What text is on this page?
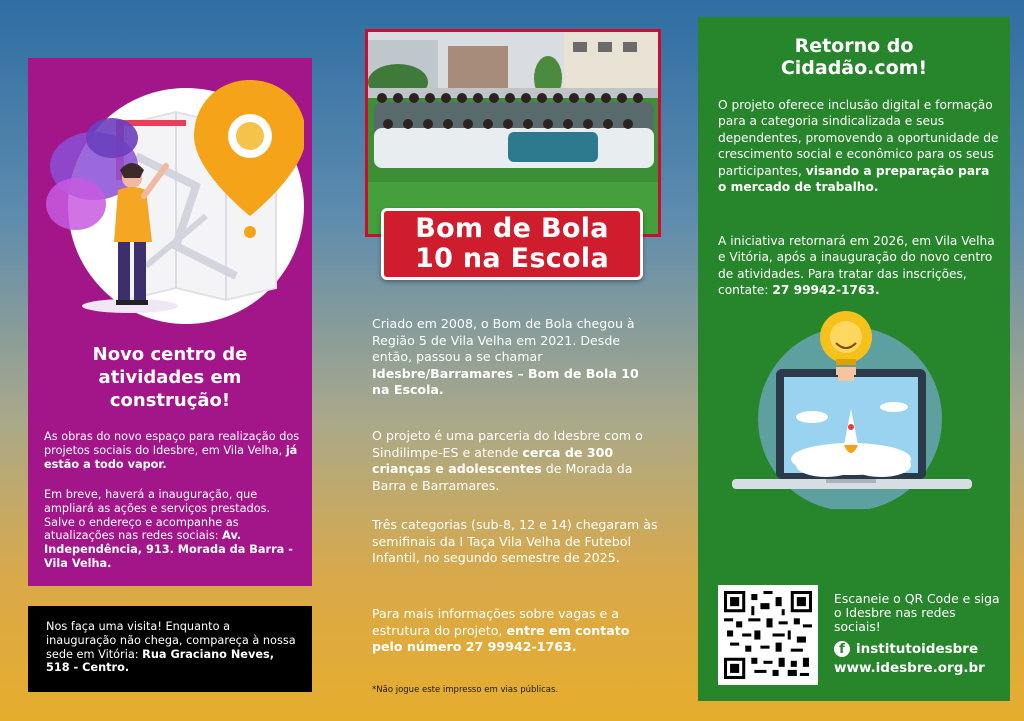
Novo centro de atividades em construção!
As obras do novo espaço para realização dos projetos sociais do Idesbre, em Vila Velha, já estão a todo vapor.
Em breve, haverá a inauguração, que ampliará as ações e serviços prestados. Salve o endereço e acompanhe as atualizações nas redes sociais: Av. Independência, 913. Morada da Barra - Vila Velha.
Nos faça uma visita! Enquanto a inauguração não chega, compareça à nossa sede em Vitória: Rua Graciano Neves, 518 - Centro.
Bom de Bola
10 na Escola
Criado em 2008, o Bom de Bola chegou à Região 5 de Vila Velha em 2021. Desde então, passou a se chamar Idesbre/Barramares – Bom de Bola 10 na Escola.
O projeto é uma parceria do Idesbre com o Sindilimpe-ES e atende cerca de 300 crianças e adolescentes de Morada da Barra e Barramares.
Três categorias (sub-8, 12 e 14) chegaram às semifinais da I Taça Vila Velha de Futebol Infantil, no segundo semestre de 2025.
Para mais informações sobre vagas e a estrutura do projeto, entre em contato pelo número 27 99942-1763.
*Não jogue este impresso em vias públicas.
Retorno do
Cidadão.com!
O projeto oferece inclusão digital e formação para a categoria sindicalizada e seus dependentes, promovendo a oportunidade de crescimento social e econômico para os seus participantes, visando a preparação para o mercado de trabalho.
A iniciativa retornará em 2026, em Vila Velha e Vitória, após a inauguração do novo centro de atividades. Para tratar das inscrições, contate: 27 99942-1763.
Escaneie o QR Code e siga o Idesbre nas redes sociais!
f institutoidesbre
www.idesbre.org.br
